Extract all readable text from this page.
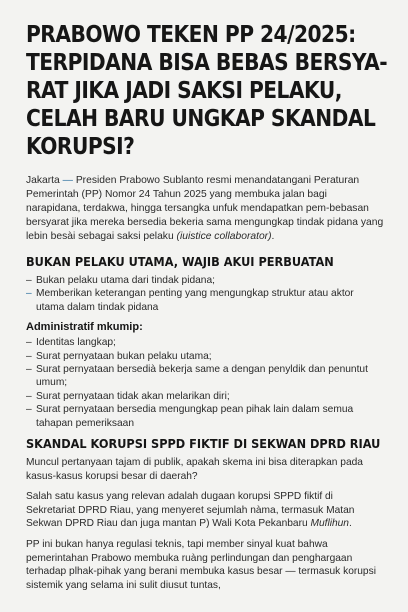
PRABOWO TEKEN PP 24/2025: TERPIDANA BISA BEBAS BERSYA-RAT JIKA JADI SAKSI PELAKU, CELAH BARU UNGKAP SKANDAL KORUPSI?

Jakarta — Presiden Prabowo Sublanto resmi menandatangani Peraturan Pemerintah (PP) Nomor 24 Tahun 2025 yang membuka jalan bagi narapidana, terdakwa, hingga tersangka unfuk mendapatkan pem-bebasan bersyarat jika mereka bersedia bekeria sama mengungkap tindak pidana yang lebin besài sebagai saksi pelaku (iuistice collaborator).

BUKAN PELAKU UTAMA, WAJIB AKUI PERBUATAN
– Bukan pelaku utama dari tindak pidana;
– Memberikan keterangan penting yang mengungkap struktur atau aktor utama dalam tindak pidana
Administratif mkumip:
– Identitas langkap;
– Surat pernyataan bukan pelaku utama;
– Surat pernyataan bersedià bekerja same a dengan penyldik dan penuntut umum;
– Surat pernyataan tidak akan melarikan diri;
– Surat pernyataan bersedia mengungkap pean pihak lain dalam semua tahapan pemeriksaan
SKANDAL KORUPSI SPPD FIKTIF DI SEKWAN DPRD RIAU

Muncul pertanyaan tajam di publik, apakah skema ini bisa diterapkan pada kasus-kasus korupsi besar di daerah?

Salah satu kasus yang relevan adalah dugaan korupsi SPPD fiktif di Sekretariat DPRD Riau, yang menyeret sejumlah nàma, termasuk Matan Sekwan DPRD Riau dan juga mantan P) Wali Kota Pekanbaru Muflihun.

PP ini bukan hanya regulasi teknis, tapi member sinyal kuat bahwa pemerintahan Prabowo membuka ruàng perlindungan dan penghargaan terhadap plhak-pihak yang berani membuka kasus besar — termasuk korupsi sistemik yang selama ini sulit diusut tuntas,
